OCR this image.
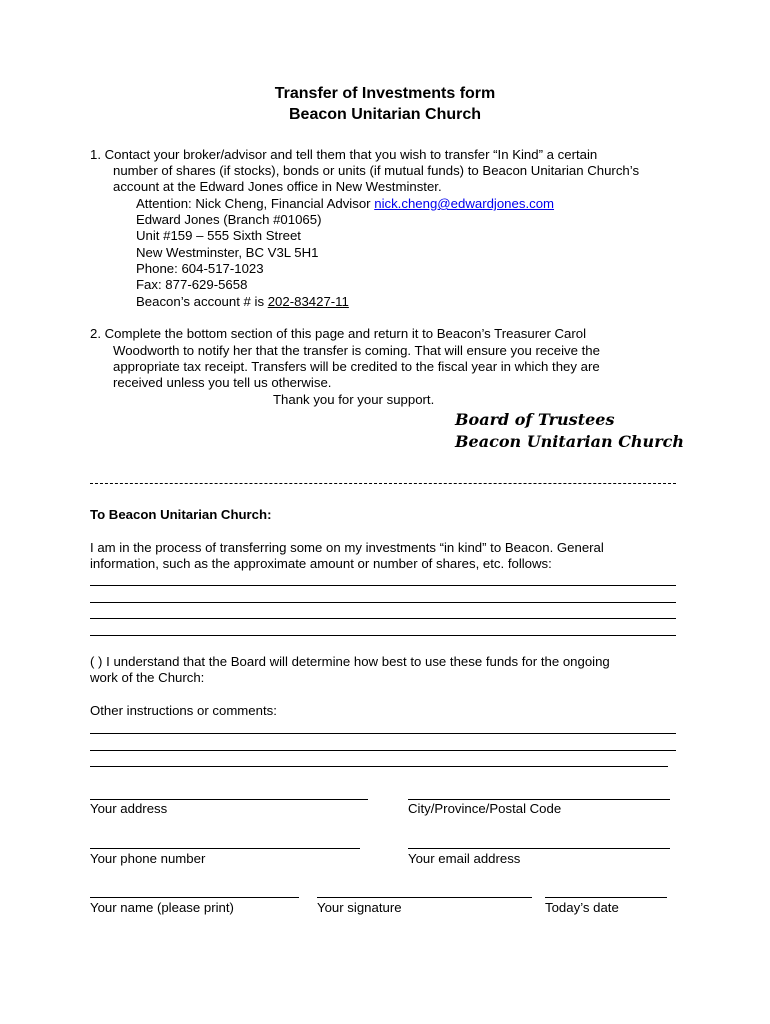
Transfer of Investments form
Beacon Unitarian Church
1. Contact your broker/advisor and tell them that you wish to transfer “In Kind” a certain
number of shares (if stocks), bonds or units (if mutual funds) to Beacon Unitarian Church’s
account at the Edward Jones office in New Westminster.
Attention: Nick Cheng, Financial Advisor nick.cheng@edwardjones.com
Edward Jones (Branch #01065)
Unit #159 – 555 Sixth Street
New Westminster, BC V3L 5H1
Phone: 604-517-1023
Fax: 877-629-5658
Beacon’s account # is 202-83427-11
2. Complete the bottom section of this page and return it to Beacon’s Treasurer Carol
Woodworth to notify her that the transfer is coming. That will ensure you receive the
appropriate tax receipt. Transfers will be credited to the fiscal year in which they are
received unless you tell us otherwise.
Thank you for your support.
Board of Trustees
Beacon Unitarian Church
To Beacon Unitarian Church:
I am in the process of transferring some on my investments “in kind” to Beacon. General
information, such as the approximate amount or number of shares, etc. follows:
( ) I understand that the Board will determine how best to use these funds for the ongoing
work of the Church:
Other instructions or comments:
Your address	City/Province/Postal Code
Your phone number	Your email address
Your name (please print)	Your signature	Today’s date
